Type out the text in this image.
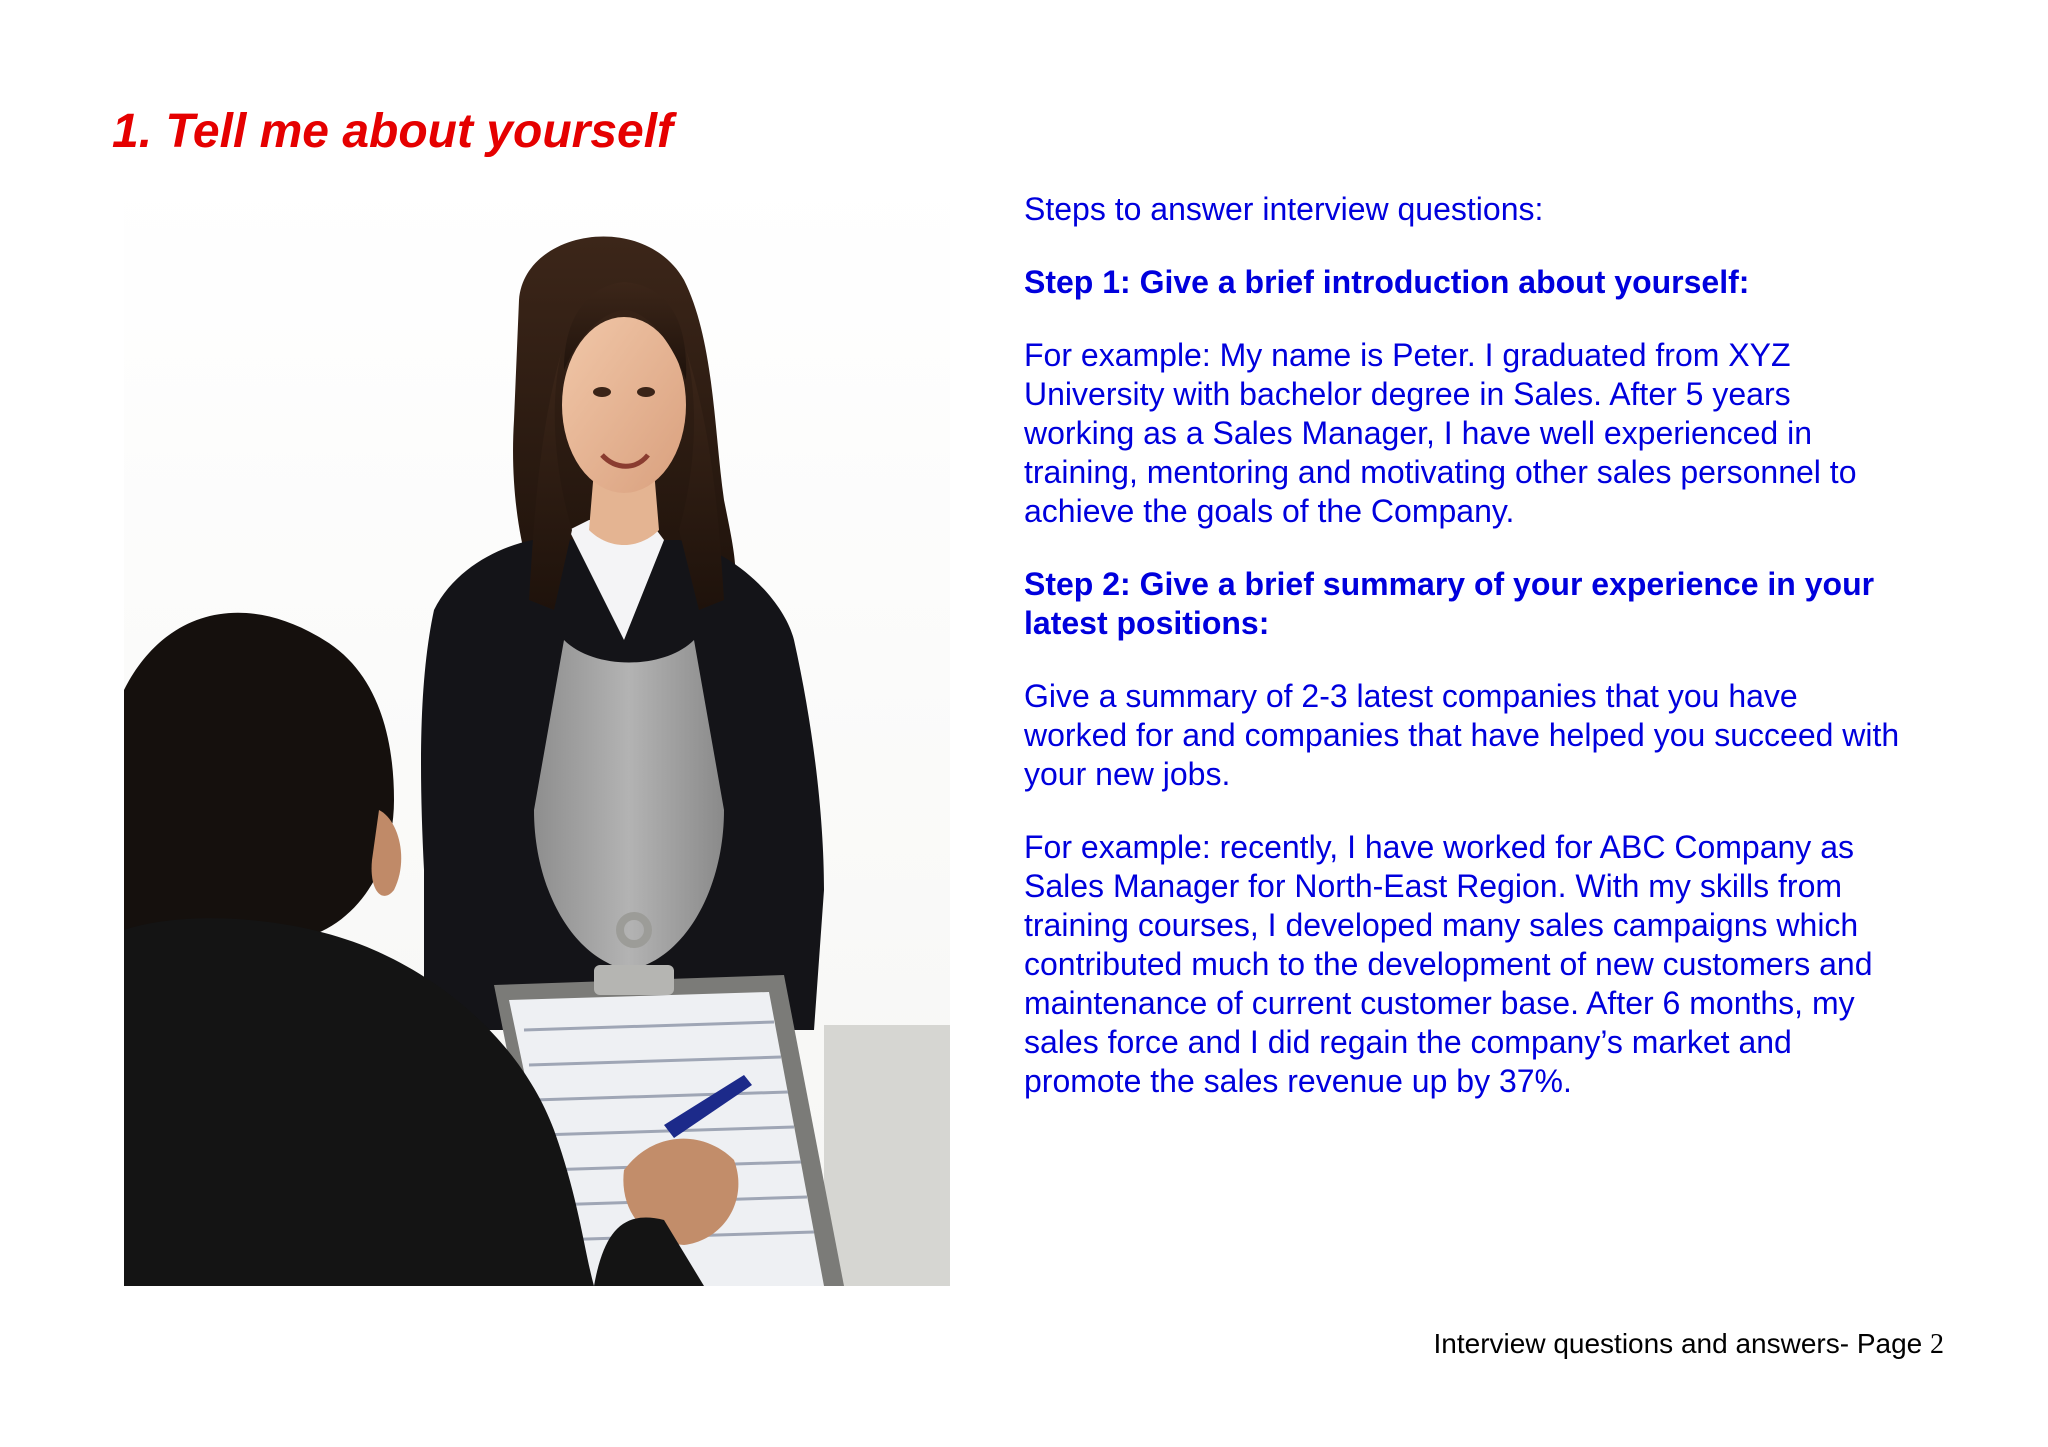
1. Tell me about yourself

Steps to answer interview questions:

Step 1: Give a brief introduction about yourself:

For example: My name is Peter. I graduated from XYZ University with bachelor degree in Sales. After 5 years working as a Sales Manager, I have well experienced in training, mentoring and motivating other sales personnel to achieve the goals of the Company.

Step 2: Give a brief summary of your experience in your latest positions:

Give a summary of 2-3 latest companies that you have worked for and companies that have helped you succeed with your new jobs.

For example: recently, I have worked for ABC Company as Sales Manager for North-East Region. With my skills from training courses, I developed many sales campaigns which contributed much to the development of new customers and maintenance of current customer base. After 6 months, my sales force and I did regain the company’s market and promote the sales revenue up by 37%.

Interview questions and answers- Page 2
